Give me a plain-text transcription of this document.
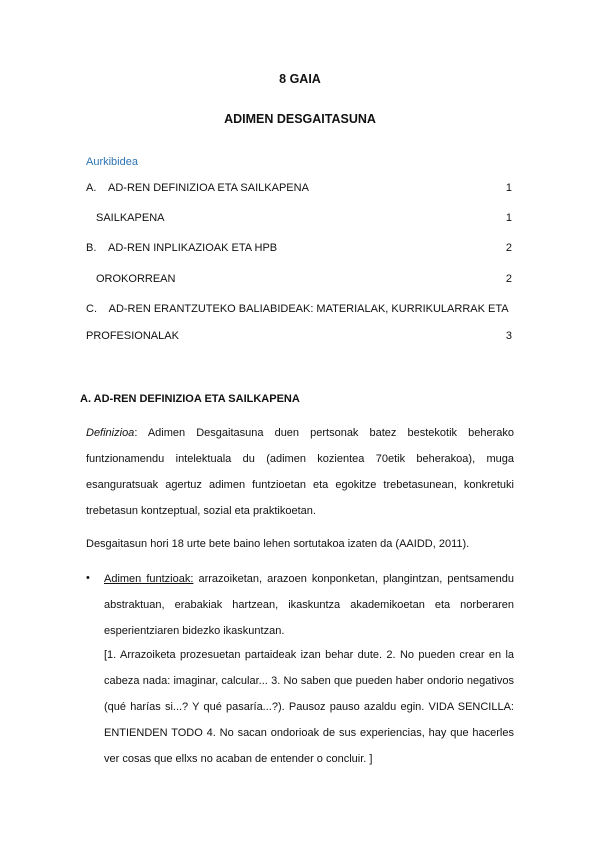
8 GAIA
ADIMEN DESGAITASUNA
Aurkibidea
A.    AD-REN DEFINIZIOA ETA SAILKAPENA	1
SAILKAPENA	1
B.    AD-REN INPLIKAZIOAK ETA HPB	2
OROKORREAN	2
C.    AD-REN ERANTZUTEKO BALIABIDEAK: MATERIALAK, KURRIKULARRAK ETA
PROFESIONALAK	3
A. AD-REN DEFINIZIOA ETA SAILKAPENA
Definizioa: Adimen Desgaitasuna duen pertsonak batez bestekotik beherako funtzionamendu intelektuala du (adimen kozientea 70etik beherakoa), muga esanguratsuak agertuz adimen funtzioetan eta egokitze trebetasunean, konkretuki trebetasun kontzeptual, sozial eta praktikoetan.
Desgaitasun hori 18 urte bete baino lehen sortutakoa izaten da (AAIDD, 2011).
• Adimen funtzioak: arrazoiketan, arazoen konponketan, plangintzan, pentsamendu abstraktuan, erabakiak hartzean, ikaskuntza akademikoetan eta norberaren esperientziaren bidezko ikaskuntzan.
[1. Arrazoiketa prozesuetan partaideak izan behar dute. 2. No pueden crear en la cabeza nada: imaginar, calcular... 3. No saben que pueden haber ondorio negativos (qué harías si...? Y qué pasaría...?). Pausoz pauso azaldu egin. VIDA SENCILLA: ENTIENDEN TODO 4. No sacan ondorioak de sus experiencias, hay que hacerles ver cosas que ellxs no acaban de entender o concluir. ]
